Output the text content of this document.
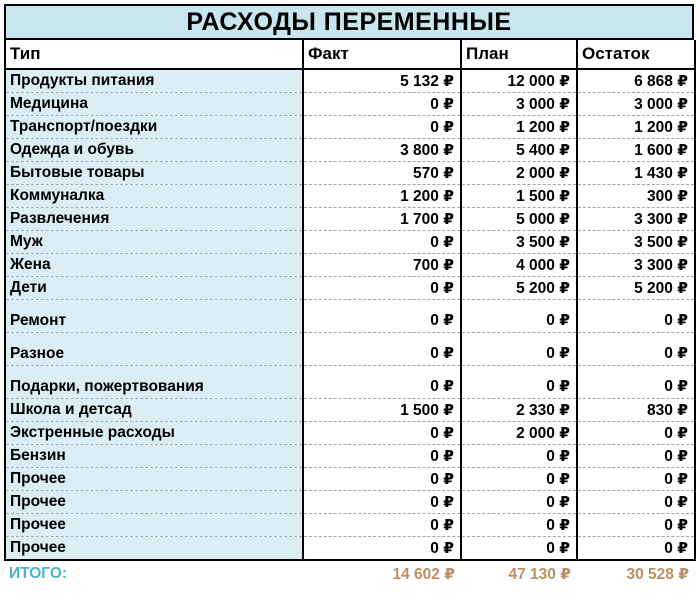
РАСХОДЫ ПЕРЕМЕННЫЕ
Тип	Факт	План	Остаток
Продукты питания	5 132 ₽	12 000 ₽	6 868 ₽
Медицина	0 ₽	3 000 ₽	3 000 ₽
Транспорт/поездки	0 ₽	1 200 ₽	1 200 ₽
Одежда и обувь	3 800 ₽	5 400 ₽	1 600 ₽
Бытовые товары	570 ₽	2 000 ₽	1 430 ₽
Коммуналка	1 200 ₽	1 500 ₽	300 ₽
Развлечения	1 700 ₽	5 000 ₽	3 300 ₽
Муж	0 ₽	3 500 ₽	3 500 ₽
Жена	700 ₽	4 000 ₽	3 300 ₽
Дети	0 ₽	5 200 ₽	5 200 ₽
Ремонт	0 ₽	0 ₽	0 ₽
Разное	0 ₽	0 ₽	0 ₽
Подарки, пожертвования	0 ₽	0 ₽	0 ₽
Школа и детсад	1 500 ₽	2 330 ₽	830 ₽
Экстренные расходы	0 ₽	2 000 ₽	0 ₽
Бензин	0 ₽	0 ₽	0 ₽
Прочее	0 ₽	0 ₽	0 ₽
Прочее	0 ₽	0 ₽	0 ₽
Прочее	0 ₽	0 ₽	0 ₽
Прочее	0 ₽	0 ₽	0 ₽
ИТОГО:	14 602 ₽	47 130 ₽	30 528 ₽
